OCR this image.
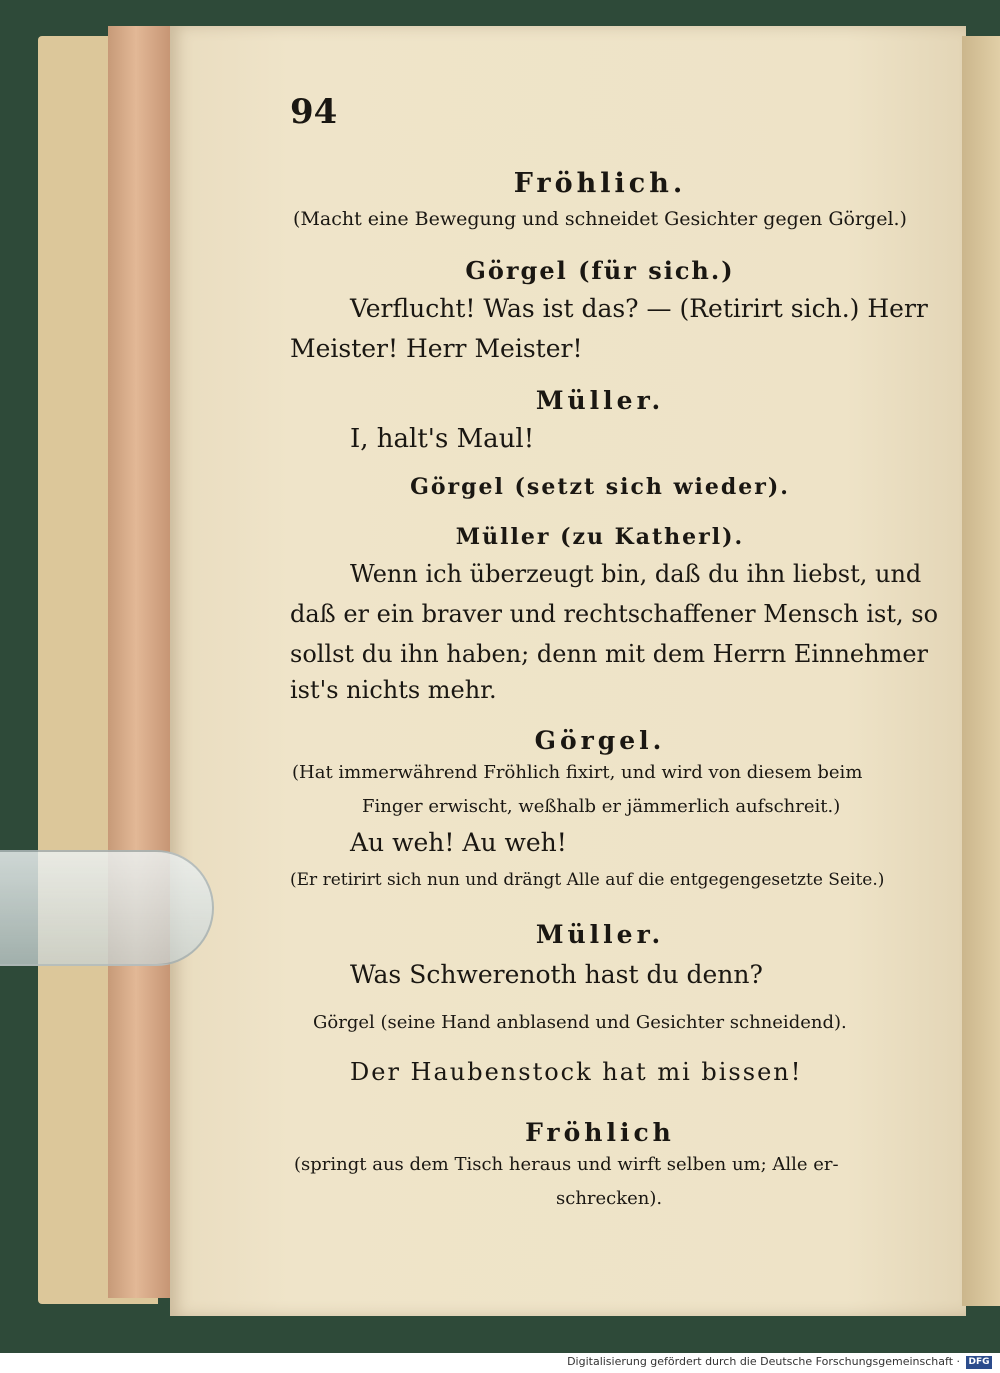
94
Fröhlich.
(Macht eine Bewegung und schneidet Gesichter gegen Görgel.)
Görgel (für sich.)
Verflucht! Was ist das? — (Retirirt sich.) Herr
Meister! Herr Meister!
Müller.
I, halt's Maul!
Görgel (setzt sich wieder).
Müller (zu Katherl).
Wenn ich überzeugt bin, daß du ihn liebst, und
daß er ein braver und rechtschaffener Mensch ist, so
sollst du ihn haben; denn mit dem Herrn Einnehmer
ist's nichts mehr.
Görgel.
(Hat immerwährend Fröhlich fixirt, und wird von diesem beim
Finger erwischt, weßhalb er jämmerlich aufschreit.)
Au weh! Au weh!
(Er retirirt sich nun und drängt Alle auf die entgegengesetzte Seite.)
Müller.
Was Schwerenoth hast du denn?
Görgel (seine Hand anblasend und Gesichter schneidend).
Der Haubenstock hat mi bissen!
Fröhlich
(springt aus dem Tisch heraus und wirft selben um; Alle er-
schrecken).
Digitalisierung gefördert durch die Deutsche Forschungsgemeinschaft · DFG
